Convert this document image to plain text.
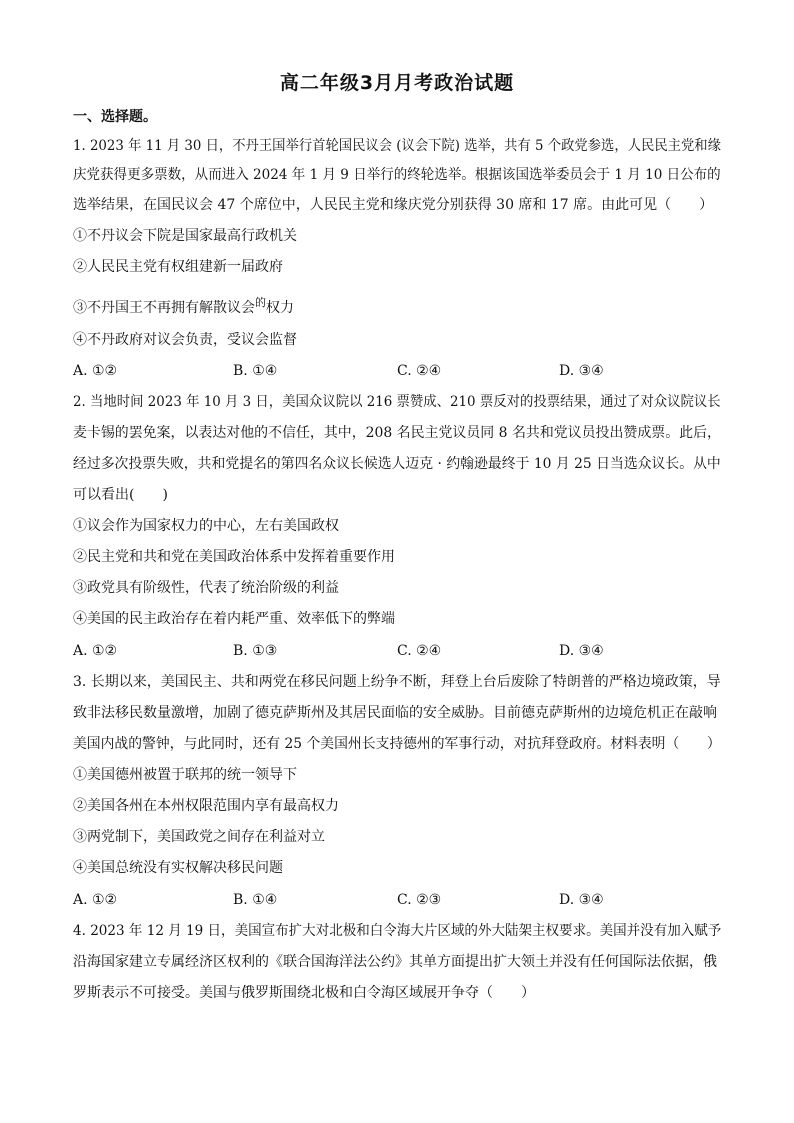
高二年级3月月考政治试题
一、选择题。
1. 2023 年 11 月 30 日，不丹王国举行首轮国民议会 (议会下院) 选举，共有 5 个政党参选，人民民主党和缘
庆党获得更多票数，从而进入 2024 年 1 月 9 日举行的终轮选举。根据该国选举委员会于 1 月 10 日公布的
选举结果，在国民议会 47 个席位中，人民民主党和缘庆党分别获得 30 席和 17 席。由此可见（　　）
①不丹议会下院是国家最高行政机关
②人民民主党有权组建新一届政府
③不丹国王不再拥有解散议会$^的$权力
④不丹政府对议会负责，受议会监督
A. ①②	B. ①④	C. ②④	D. ③④
2. 当地时间 2023 年 10 月 3 日，美国众议院以 216 票赞成、210 票反对的投票结果，通过了对众议院议长
麦卡锡的罢免案，以表达对他的不信任，其中，208 名民主党议员同 8 名共和党议员投出赞成票。此后，
经过多次投票失败，共和党提名的第四名众议长候选人迈克 · 约翰逊最终于 10 月 25 日当选众议长。从中
可以看出(　　)
①议会作为国家权力的中心，左右美国政权
②民主党和共和党在美国政治体系中发挥着重要作用
③政党具有阶级性，代表了统治阶级的利益
④美国的民主政治存在着内耗严重、效率低下的弊端
A. ①②	B. ①③	C. ②④	D. ③④
3. 长期以来，美国民主、共和两党在移民问题上纷争不断，拜登上台后废除了特朗普的严格边境政策，导
致非法移民数量激增，加剧了德克萨斯州及其居民面临的安全威胁。目前德克萨斯州的边境危机正在敲响
美国内战的警钟，与此同时，还有 25 个美国州长支持德州的军事行动，对抗拜登政府。材料表明（　　）
①美国德州被置于联邦的统一领导下
②美国各州在本州权限范围内享有最高权力
③两党制下，美国政党之间存在利益对立
④美国总统没有实权解决移民问题
A. ①②	B. ①④	C. ②③	D. ③④
4. 2023 年 12 月 19 日，美国宣布扩大对北极和白令海大片区域的外大陆架主权要求。美国并没有加入赋予
沿海国家建立专属经济区权利的《联合国海洋法公约》其单方面提出扩大领土并没有任何国际法依据，俄
罗斯表示不可接受。美国与俄罗斯围绕北极和白令海区域展开争夺（　　）
